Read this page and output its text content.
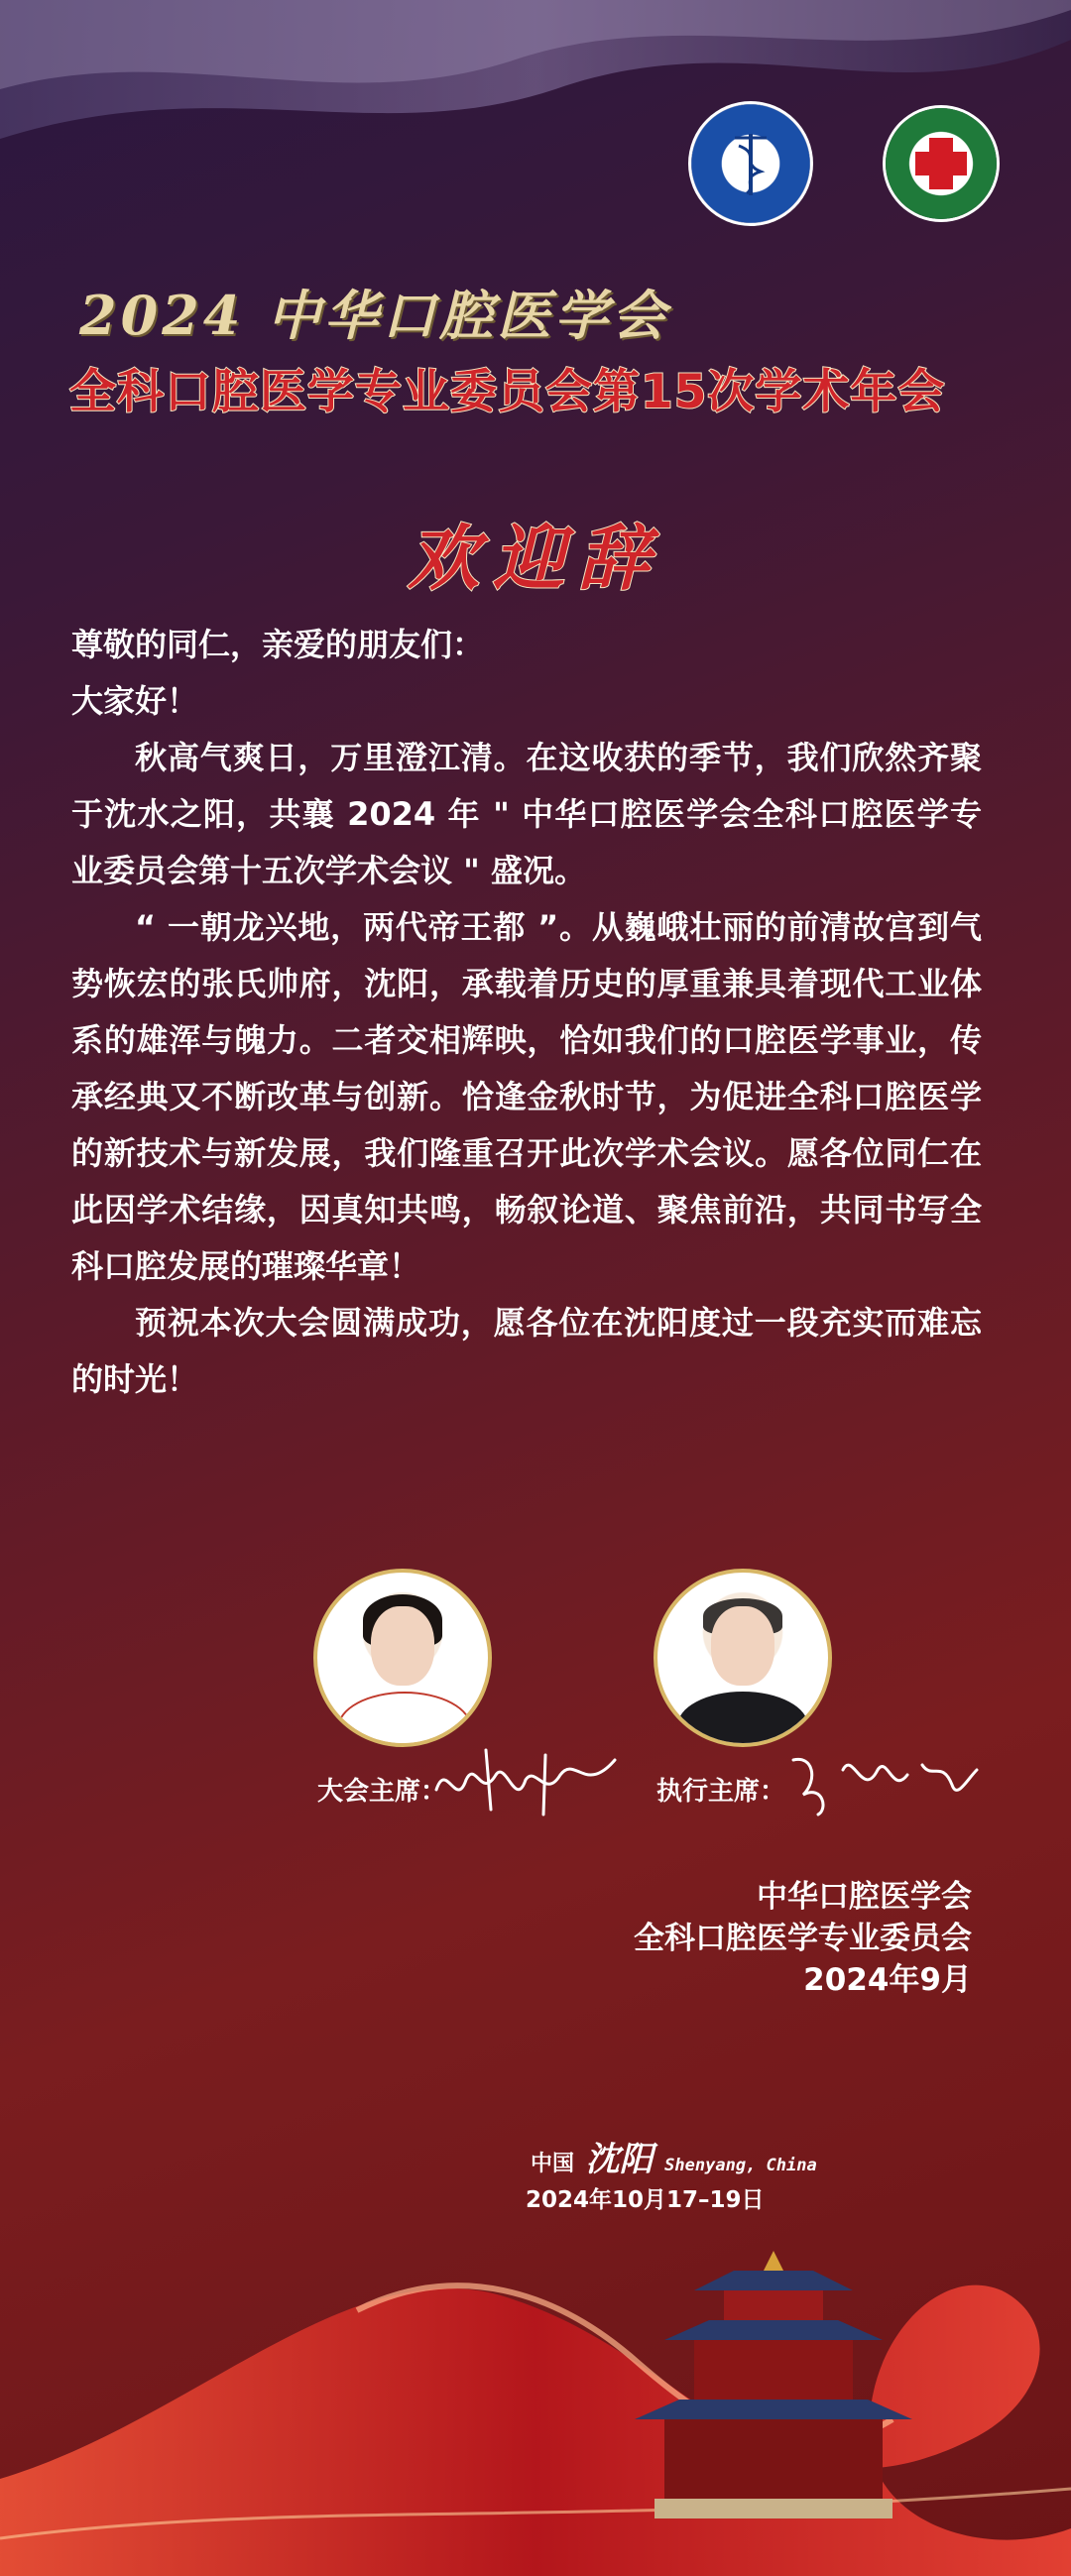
2024 中华口腔医学会
全科口腔医学专业委员会第15次学术年会
欢迎辞

尊敬的同仁，亲爱的朋友们：

大家好！

秋高气爽日，万里澄江清。在这收获的季节，我们欣然齐聚于沈水之阳，共襄 2024 年 " 中华口腔医学会全科口腔医学专业委员会第十五次学术会议 " 盛况。

“ 一朝龙兴地，两代帝王都 ”。从巍峨壮丽的前清故宫到气势恢宏的张氏帅府，沈阳，承载着历史的厚重兼具着现代工业体系的雄浑与魄力。二者交相辉映，恰如我们的口腔医学事业，传承经典又不断改革与创新。恰逢金秋时节，为促进全科口腔医学的新技术与新发展，我们隆重召开此次学术会议。愿各位同仁在此因学术结缘，因真知共鸣，畅叙论道、聚焦前沿，共同书写全科口腔发展的璀璨华章！

预祝本次大会圆满成功，愿各位在沈阳度过一段充实而难忘的时光！

大会主席：	执行主席：
中华口腔医学会
全科口腔医学专业委员会
2024年9月
中国 沈阳 Shenyang, China
2024年10月17–19日
